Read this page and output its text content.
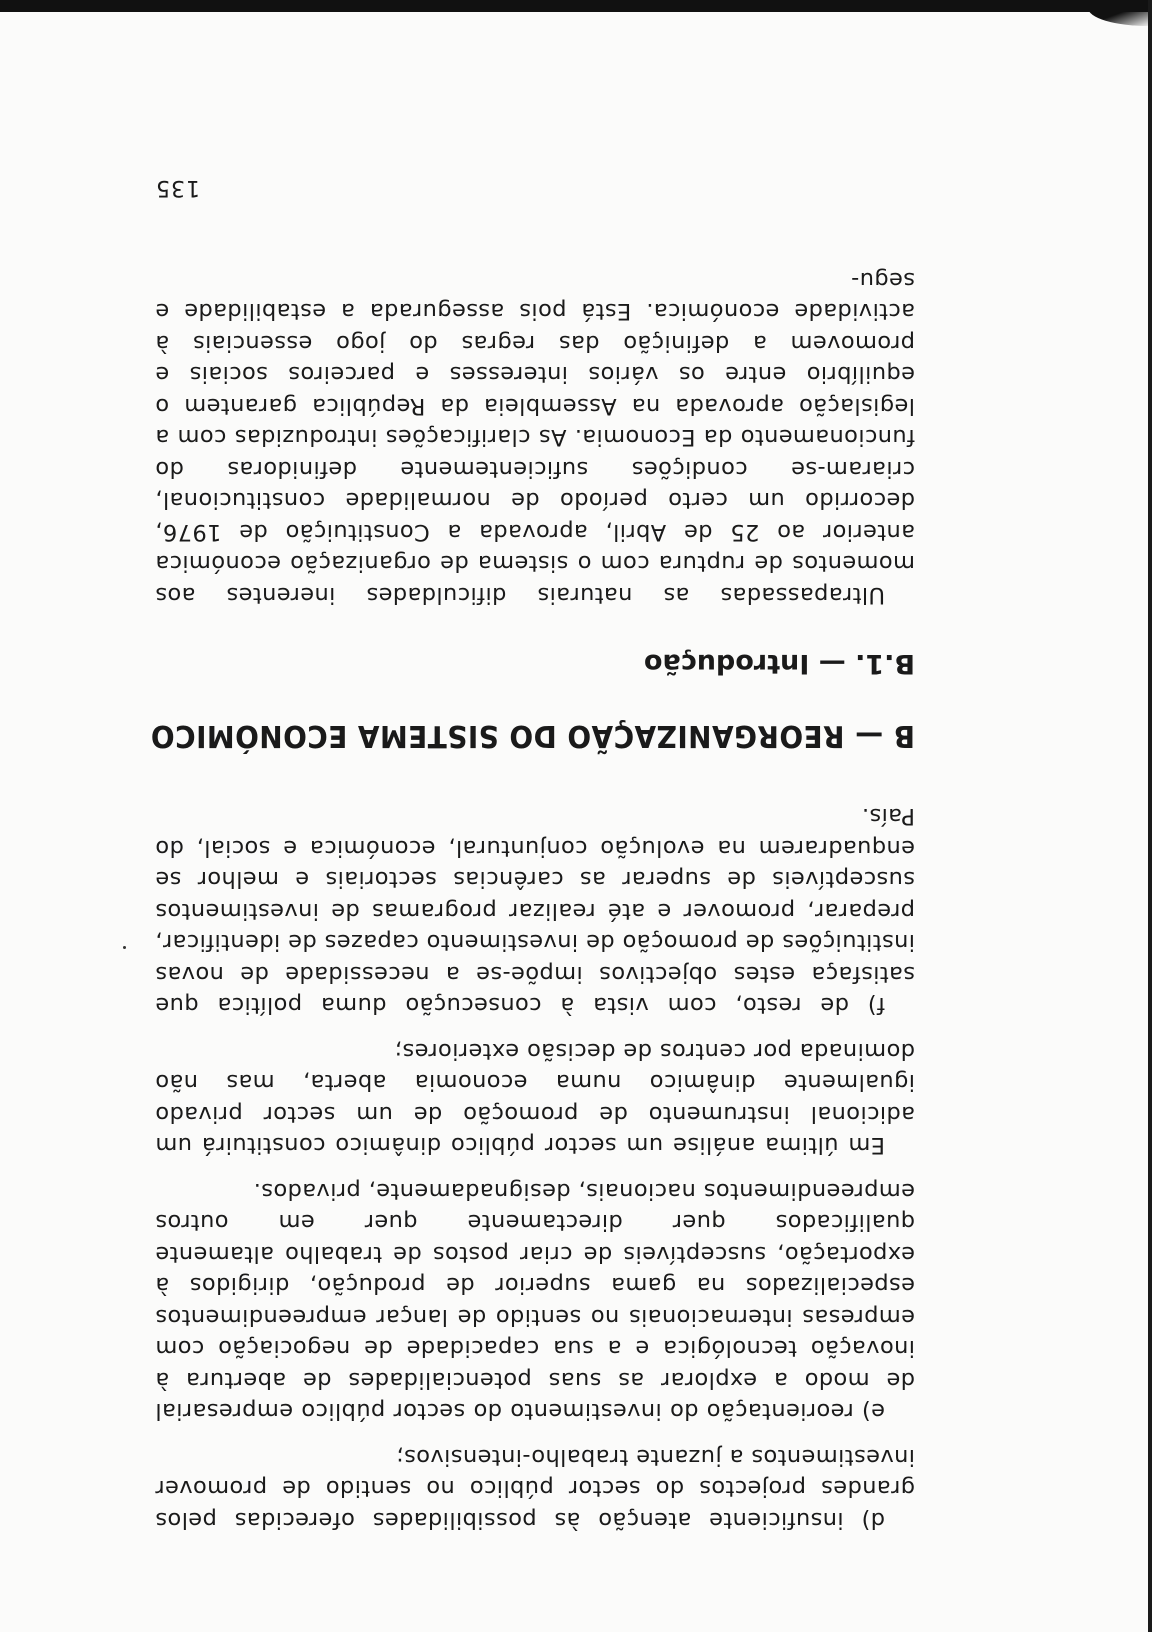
d) insuficiente atenção às possibilidades oferecidas pelos grandes projectos do sector público no sentido de promover investimentos a juzante trabalho-intensivos;

e) reorientação do investimento do sector público empresarial de modo a explorar as suas potencialidades de abertura à inovação tecnológica e a sua capacidade de negociação com empresas internacionais no sentido de lançar empreendimentos especializados na gama superior de produção, dirigidos à exportação, susceptíveis de criar postos de trabalho altamente qualificados quer directamente quer em outros empreendimentos nacionais, designadamente, privados.

Em última análise um sector público dinâmico constituirá um adicional instrumento de promoção de um sector privado igualmente dinâmico numa economia aberta, mas não dominada por centros de decisão exteriores;

f) de resto, com vista à consecução duma política que satisfaça estes objectivos impõe-se a necessidade de novas instituições de promoção de investimento capazes de identificar, preparar, promover e até realizar programas de investimentos susceptíveis de superar as carências sectoriais e melhor se enquadrarem na evolução conjuntural, económica e social, do País.

B — REORGANIZAÇÃO DO SISTEMA ECONÓMICO
B.1. — Introdução

Ultrapassadas as naturais dificuldades inerentes aos momentos de ruptura com o sistema de organização económica anterior ao 25 de Abril, aprovada a Constituição de 1976, decorrido um certo período de normalidade constitucional, criaram-se condições suficientemente definidoras do funcionamento da Economia. As clarificações introduzidas com a legislação aprovada na Assembleia da República garantem o equilíbrio entre os vários interesses e parceiros sociais e promovem a definição das regras do jogo essenciais à actividade económica. Está pois assegurada a estabilidade e segu-

135
